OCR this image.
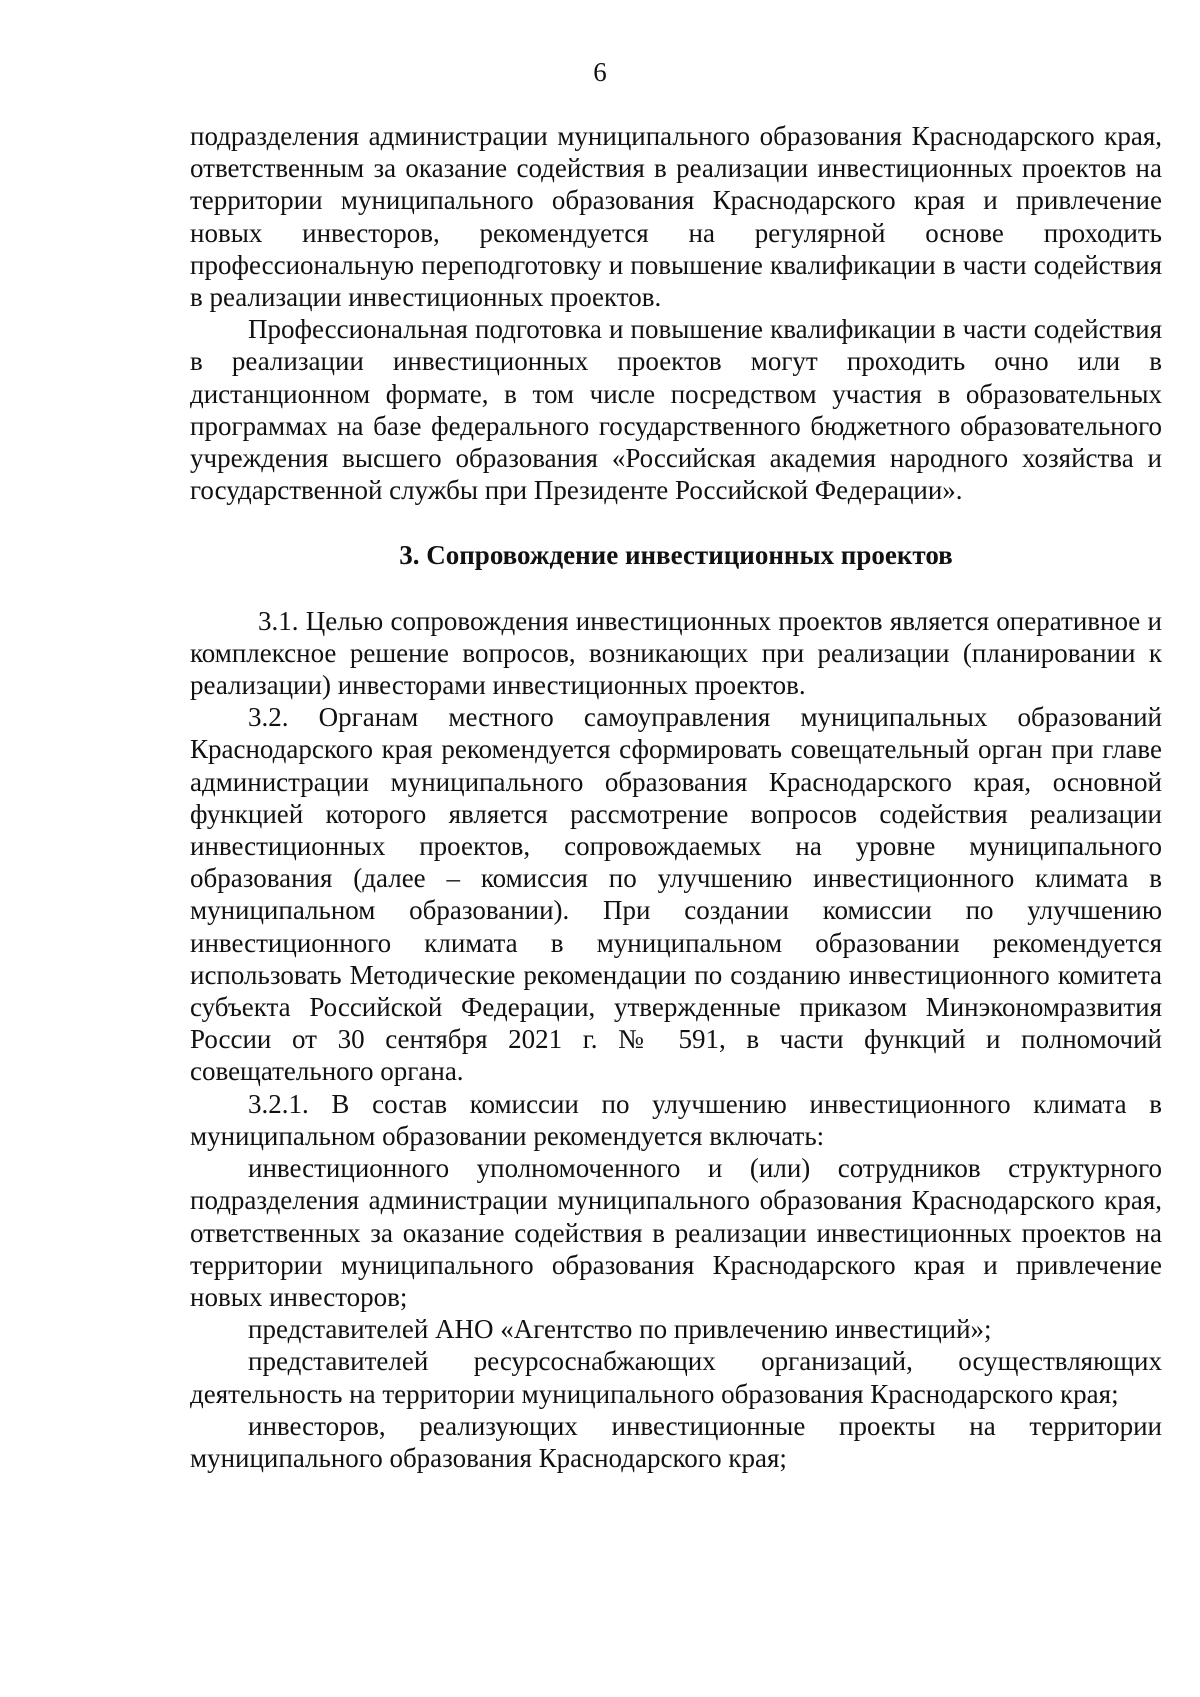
6

подразделения администрации муниципального образования Краснодарского края, ответственным за оказание содействия в реализации инвестиционных проектов на территории муниципального образования Краснодарского края и привлечение новых инвесторов, рекомендуется на регулярной основе проходить профессиональную переподготовку и повышение квалификации в части содействия в реализации инвестиционных проектов.

Профессиональная подготовка и повышение квалификации в части содействия в реализации инвестиционных проектов могут проходить очно или в дистанционном формате, в том числе посредством участия в образовательных программах на базе федерального государственного бюджетного образовательного учреждения высшего образования «Российская академия народного хозяйства и государственной службы при Президенте Российской Федерации».

3. Сопровождение инвестиционных проектов

3.1. Целью сопровождения инвестиционных проектов является оперативное и комплексное решение вопросов, возникающих при реализации (планировании к реализации) инвесторами инвестиционных проектов.

3.2. Органам местного самоуправления муниципальных образований Краснодарского края рекомендуется сформировать совещательный орган при главе администрации муниципального образования Краснодарского края, основной функцией которого является рассмотрение вопросов содействия реализации инвестиционных проектов, сопровождаемых на уровне муниципального образования (далее – комиссия по улучшению инвестиционного климата в муниципальном образовании). При создании комиссии по улучшению инвестиционного климата в муниципальном образовании рекомендуется использовать Методические рекомендации по созданию инвестиционного комитета субъекта Российской Федерации, утвержденные приказом Минэкономразвития России от 30 сентября 2021 г. № 591, в части функций и полномочий совещательного органа.

3.2.1. В состав комиссии по улучшению инвестиционного климата в муниципальном образовании рекомендуется включать:

инвестиционного уполномоченного и (или) сотрудников структурного подразделения администрации муниципального образования Краснодарского края, ответственных за оказание содействия в реализации инвестиционных проектов на территории муниципального образования Краснодарского края и привлечение новых инвесторов;

представителей АНО «Агентство по привлечению инвестиций»;

представителей ресурсоснабжающих организаций, осуществляющих деятельность на территории муниципального образования Краснодарского края;

инвесторов, реализующих инвестиционные проекты на территории муниципального образования Краснодарского края;
